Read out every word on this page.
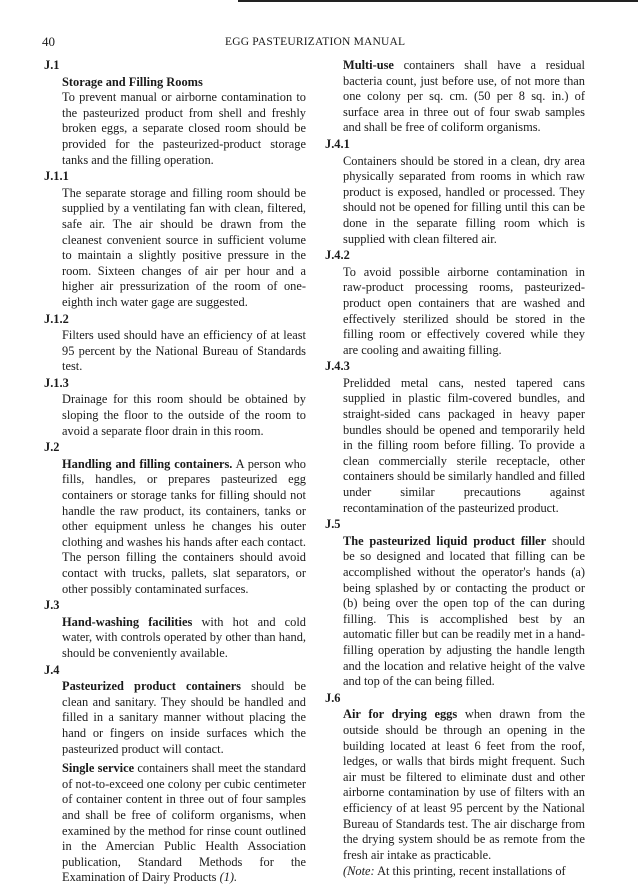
40	EGG PASTEURIZATION MANUAL
J.1

Storage and Filling Rooms
To prevent manual or airborne contamination to the pasteurized product from shell and freshly broken eggs, a separate closed room should be provided for the pasteurized-product storage tanks and the filling operation.

J.1.1

The separate storage and filling room should be supplied by a ventilating fan with clean, filtered, safe air. The air should be drawn from the cleanest convenient source in sufficient volume to maintain a slightly positive pressure in the room. Sixteen changes of air per hour and a higher air pressurization of the room of one-eighth inch water gage are suggested.

J.1.2

Filters used should have an efficiency of at least 95 percent by the National Bureau of Standards test.

J.1.3

Drainage for this room should be obtained by sloping the floor to the outside of the room to avoid a separate floor drain in this room.

J.2

Handling and filling containers. A person who fills, handles, or prepares pasteurized egg containers or storage tanks for filling should not handle the raw product, its containers, tanks or other equipment unless he changes his outer clothing and washes his hands after each contact. The person filling the containers should avoid contact with trucks, pallets, slat separators, or other possibly contaminated surfaces.

J.3

Hand-washing facilities with hot and cold water, with controls operated by other than hand, should be conveniently available.

J.4

Pasteurized product containers should be clean and sanitary. They should be handled and filled in a sanitary manner without placing the hand or fingers on inside surfaces which the pasteurized product will contact.

Single service containers shall meet the standard of not-to-exceed one colony per cubic centimeter of container content in three out of four samples and shall be free of coliform organisms, when examined by the method for rinse count outlined in the Amercian Public Health Association publication, Standard Methods for the Examination of Dairy Products (1).

Multi-use containers shall have a residual bacteria count, just before use, of not more than one colony per sq. cm. (50 per 8 sq. in.) of surface area in three out of four swab samples and shall be free of coliform organisms.

J.4.1

Containers should be stored in a clean, dry area physically separated from rooms in which raw product is exposed, handled or processed. They should not be opened for filling until this can be done in the separate filling room which is supplied with clean filtered air.

J.4.2

To avoid possible airborne contamination in raw-product processing rooms, pasteurized-product open containers that are washed and effectively sterilized should be stored in the filling room or effectively covered while they are cooling and awaiting filling.

J.4.3

Prelidded metal cans, nested tapered cans supplied in plastic film-covered bundles, and straight-sided cans packaged in heavy paper bundles should be opened and temporarily held in the filling room before filling. To provide a clean commercially sterile receptacle, other containers should be similarly handled and filled under similar precautions against recontamination of the pasteurized product.

J.5

The pasteurized liquid product filler should be so designed and located that filling can be accomplished without the operator's hands (a) being splashed by or contacting the product or (b) being over the open top of the can during filling. This is accomplished best by an automatic filler but can be readily met in a hand-filling operation by adjusting the handle length and the location and relative height of the valve and top of the can being filled.

J.6

Air for drying eggs when drawn from the outside should be through an opening in the building located at least 6 feet from the roof, ledges, or walls that birds might frequent. Such air must be filtered to eliminate dust and other airborne contamination by use of filters with an efficiency of at least 95 percent by the National Bureau of Standards test. The air discharge from the drying system should be as remote from the fresh air intake as practicable.

(Note: At this printing, recent installations of
